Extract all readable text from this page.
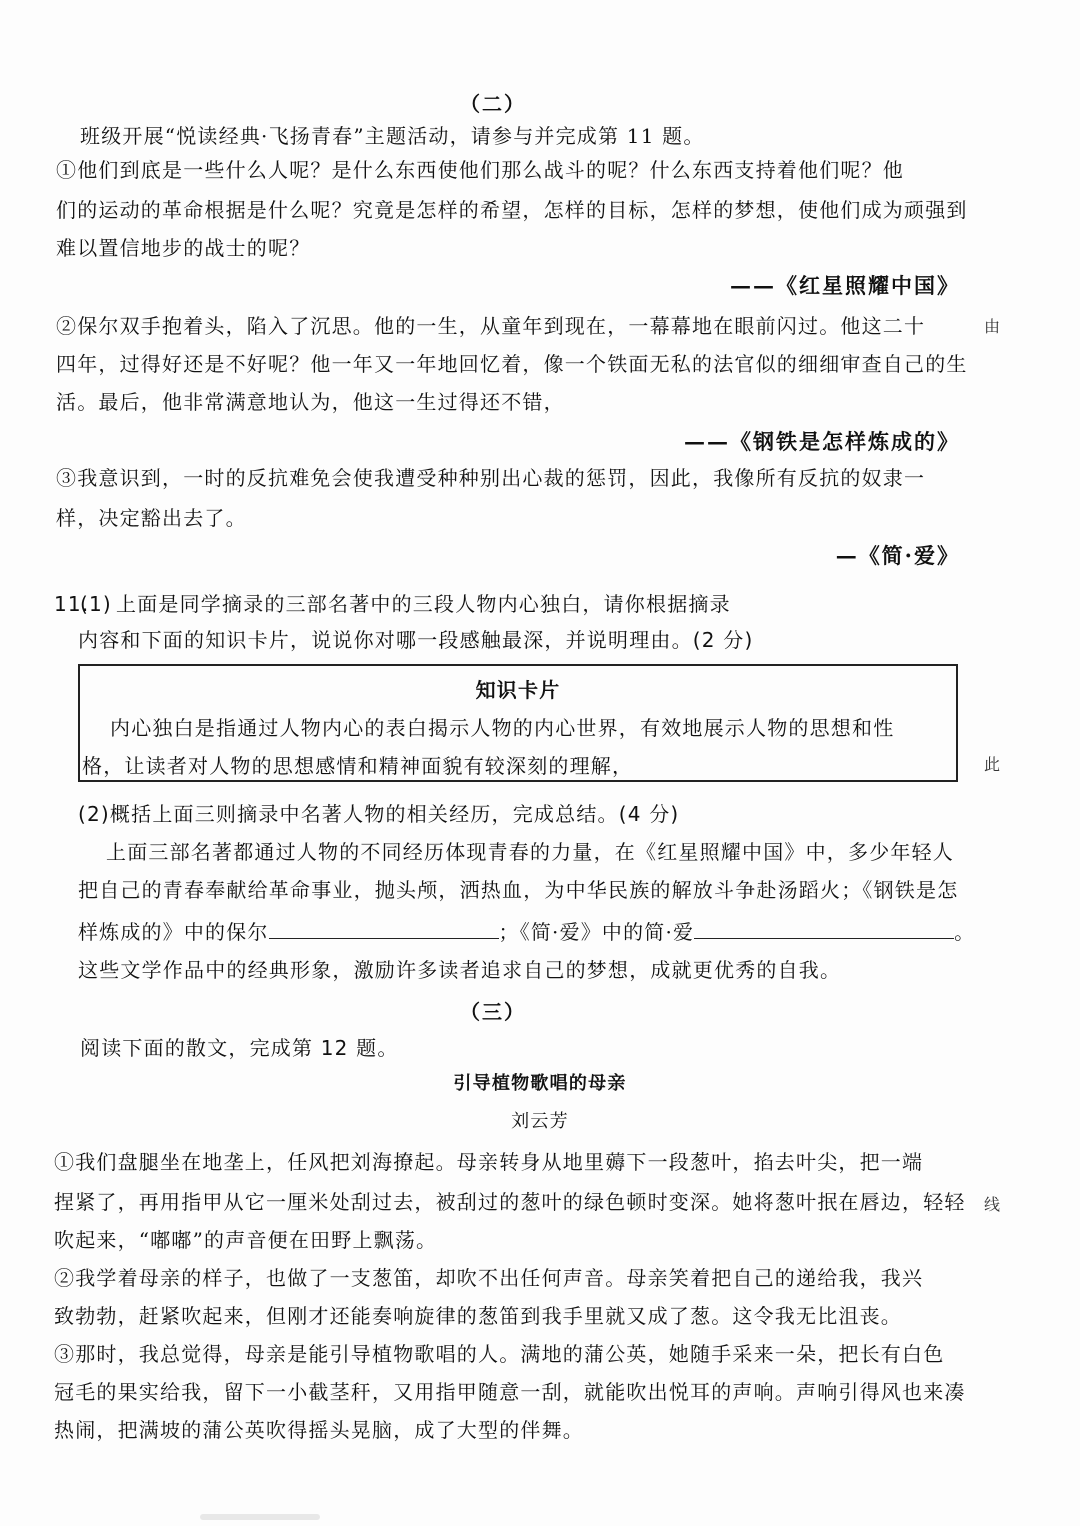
（二）
班级开展“悦读经典·飞扬青春”主题活动，请参与并完成第 11 题。
①他们到底是一些什么人呢？是什么东西使他们那么战斗的呢？什么东西支持着他们呢？他
们的运动的革命根据是什么呢？究竟是怎样的希望，怎样的目标，怎样的梦想，使他们成为顽强到
难以置信地步的战士的呢？
——《红星照耀中国》
②保尔双手抱着头，陷入了沉思。他的一生，从童年到现在，一幕幕地在眼前闪过。他这二十
四年，过得好还是不好呢？他一年又一年地回忆着，像一个铁面无私的法官似的细细审查自己的生
活。最后，他非常满意地认为，他这一生过得还不错，
——《钢铁是怎样炼成的》
③我意识到，一时的反抗难免会使我遭受种种别出心裁的惩罚，因此，我像所有反抗的奴隶一
样，决定豁出去了。
—《简·爱》
11.
(1) 上面是同学摘录的三部名著中的三段人物内心独白，请你根据摘录
内容和下面的知识卡片，说说你对哪一段感触最深，并说明理由。(2 分)
知识卡片
内心独白是指通过人物内心的表白揭示人物的内心世界，有效地展示人物的思想和性
格，让读者对人物的思想感情和精神面貌有较深刻的理解，
(2)概括上面三则摘录中名著人物的相关经历，完成总结。(4 分)
上面三部名著都通过人物的不同经历体现青春的力量，在《红星照耀中国》中，多少年轻人
把自己的青春奉献给革命事业，抛头颅，洒热血，为中华民族的解放斗争赴汤蹈火；《钢铁是怎
样炼成的》中的保尔	；《简·爱》中的简·爱	。
这些文学作品中的经典形象，激励许多读者追求自己的梦想，成就更优秀的自我。
（三）
阅读下面的散文，完成第 12 题。
引导植物歌唱的母亲
刘云芳
①我们盘腿坐在地垄上，任风把刘海撩起。母亲转身从地里薅下一段葱叶，掐去叶尖，把一端
捏紧了，再用指甲从它一厘米处刮过去，被刮过的葱叶的绿色顿时变深。她将葱叶抿在唇边，轻轻
吹起来，“嘟嘟”的声音便在田野上飘荡。
②我学着母亲的样子，也做了一支葱笛，却吹不出任何声音。母亲笑着把自己的递给我，我兴
致勃勃，赶紧吹起来，但刚才还能奏响旋律的葱笛到我手里就又成了葱。这令我无比沮丧。
③那时，我总觉得，母亲是能引导植物歌唱的人。满地的蒲公英，她随手采来一朵，把长有白色
冠毛的果实给我，留下一小截茎秆，又用指甲随意一刮，就能吹出悦耳的声响。声响引得风也来凑
热闹，把满坡的蒲公英吹得摇头晃脑，成了大型的伴舞。
由
此
线
